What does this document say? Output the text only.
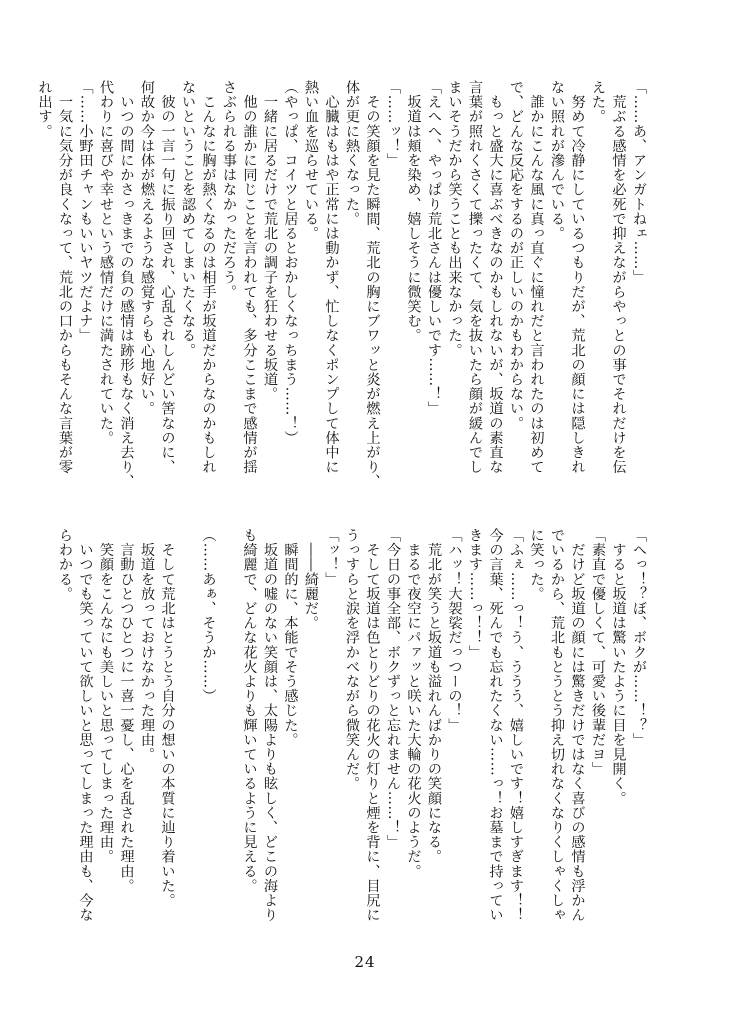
「……あ、アンガトねェ……」
　荒ぶる感情を必死で抑えながらやっとの事でそれだけを伝
えた。
　努めて冷静にしているつもりだが、荒北の顔には隠しきれ
ない照れが滲んでいる。
　誰かにこんな風に真っ直ぐに憧れだと言われたのは初めて
で、どんな反応をするのが正しいのかもわからない。
　もっと盛大に喜ぶべきなのかもしれないが、坂道の素直な
言葉が照れくさくて擽ったくて、気を抜いたら顔が緩んでし
まいそうだから笑うことも出来なかった。
「えへへ、やっぱり荒北さんは優しいです……！」
　坂道は頬を染め、嬉しそうに微笑む。
「……ッ！」
　その笑顔を見た瞬間、荒北の胸にブワッと炎が燃え上がり、
体が更に熱くなった。
　心臓はもはや正常には動かず、忙しなくポンプして体中に
熱い血を巡らせている。
（やっぱ、コイツと居るとおかしくなっちまう……！）
　一緒に居るだけで荒北の調子を狂わせる坂道。
　他の誰かに同じことを言われても、多分ここまで感情が揺
さぶられる事はなかっただろう。
　こんなに胸が熱くなるのは相手が坂道だからなのかもしれ
ないということを認めてしまいたくなる。
　彼の一言一句に振り回され、心乱されしんどい筈なのに、
何故か今は体が燃えるような感覚すらも心地好い。
　いつの間にかさっきまでの負の感情は跡形もなく消え去り、
代わりに喜びや幸せという感情だけに満たされていた。
「……小野田チャンもいいヤツだよナ」
　一気に気分が良くなって、荒北の口からもそんな言葉が零
れ出す。
「へっ！？ぼ、ボクが……！？」
　すると坂道は驚いたように目を見開く。
「素直で優しくて、可愛い後輩だヨ」
　だけど坂道の顔には驚きだけではなく喜びの感情も浮かん
でいるから、荒北もとうとう抑え切れなくなりくしゃくしゃ
に笑った。
「ふぇ……っ！う、ううう、嬉しいです！嬉しすぎます！！
今の言葉、死んでも忘れたくない……っ！お墓まで持ってい
きます……っ！！」
「ハッ！大袈裟だっつーの！」
　荒北が笑うと坂道も溢れんばかりの笑顔になる。
　まるで夜空にパァッと咲いた大輪の花火のようだ。
「今日の事全部、ボクずっと忘れません……！」
　そして坂道は色とりどりの花火の灯りと煙を背に、目尻に
うっすらと涙を浮かべながら微笑んだ。
「ッ！」
　――綺麗だ。
　瞬間的に、本能でそう感じた。
　坂道の嘘のない笑顔は、太陽よりも眩しく、どこの海より
も綺麗で、どんな花火よりも輝いているように見える。

（……あぁ、そうか……）

　そして荒北はとうとう自分の想いの本質に辿り着いた。
　坂道を放っておけなかった理由。
　言動ひとつひとつに一喜一憂し、心を乱された理由。
　笑顔をこんなにも美しいと思ってしまった理由。
　いつでも笑っていて欲しいと思ってしまった理由も、今な
らわかる。
24
